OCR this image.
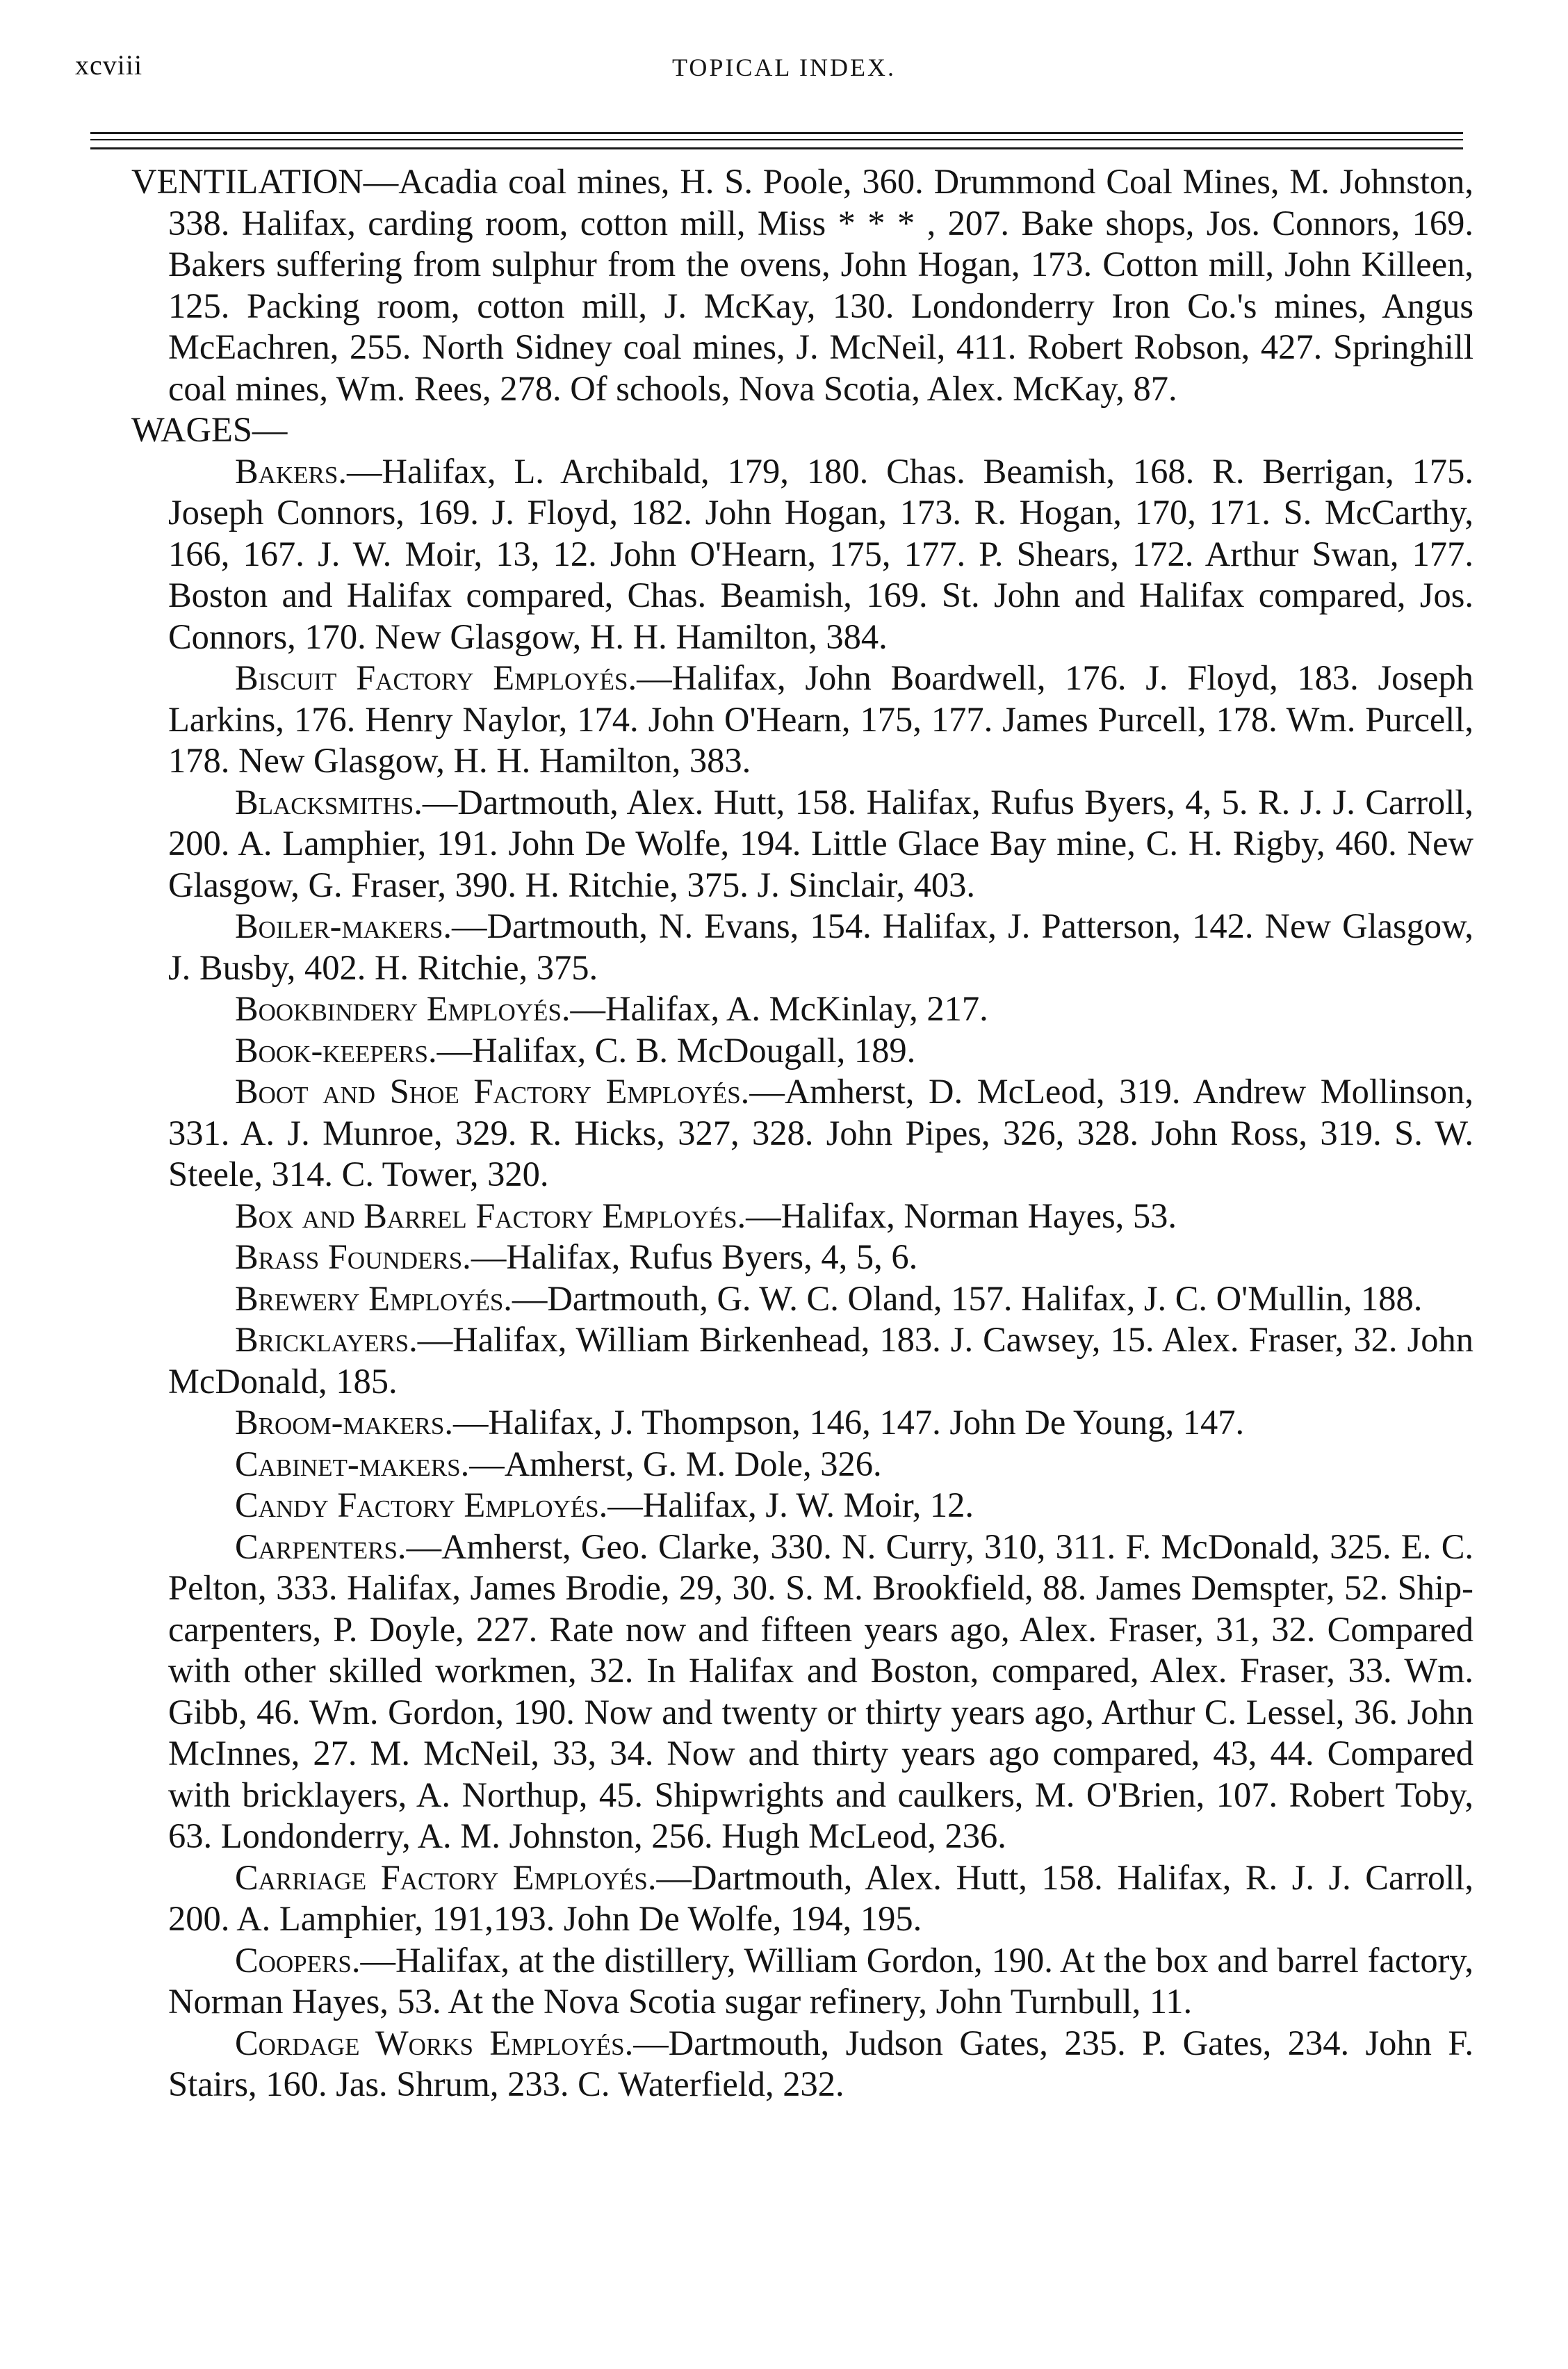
xcviii	TOPICAL INDEX.

VENTILATION—Acadia coal mines, H. S. Poole, 360. Drummond Coal Mines, M. Johnston, 338. Halifax, carding room, cotton mill, Miss * * * , 207. Bake shops, Jos. Connors, 169. Bakers suffering from sulphur from the ovens, John Hogan, 173. Cotton mill, John Killeen, 125. Packing room, cotton mill, J. McKay, 130. Londonderry Iron Co.'s mines, Angus McEachren, 255. North Sidney coal mines, J. McNeil, 411. Robert Robson, 427. Springhill coal mines, Wm. Rees, 278. Of schools, Nova Scotia, Alex. McKay, 87.

WAGES—

Bakers.—Halifax, L. Archibald, 179, 180. Chas. Beamish, 168. R. Berrigan, 175. Joseph Connors, 169. J. Floyd, 182. John Hogan, 173. R. Hogan, 170, 171. S. McCarthy, 166, 167. J. W. Moir, 13, 12. John O'Hearn, 175, 177. P. Shears, 172. Arthur Swan, 177. Boston and Halifax compared, Chas. Beamish, 169. St. John and Halifax compared, Jos. Connors, 170. New Glasgow, H. H. Hamilton, 384.

Biscuit Factory Employés.—Halifax, John Boardwell, 176. J. Floyd, 183. Joseph Larkins, 176. Henry Naylor, 174. John O'Hearn, 175, 177. James Purcell, 178. Wm. Purcell, 178. New Glasgow, H. H. Hamilton, 383.

Blacksmiths.—Dartmouth, Alex. Hutt, 158. Halifax, Rufus Byers, 4, 5. R. J. J. Carroll, 200. A. Lamphier, 191. John De Wolfe, 194. Little Glace Bay mine, C. H. Rigby, 460. New Glasgow, G. Fraser, 390. H. Ritchie, 375. J. Sinclair, 403.

Boiler-makers.—Dartmouth, N. Evans, 154. Halifax, J. Patterson, 142. New Glasgow, J. Busby, 402. H. Ritchie, 375.

Bookbindery Employés.—Halifax, A. McKinlay, 217.

Book-keepers.—Halifax, C. B. McDougall, 189.

Boot and Shoe Factory Employés.—Amherst, D. McLeod, 319. Andrew Mollinson, 331. A. J. Munroe, 329. R. Hicks, 327, 328. John Pipes, 326, 328. John Ross, 319. S. W. Steele, 314. C. Tower, 320.

Box and Barrel Factory Employés.—Halifax, Norman Hayes, 53.

Brass Founders.—Halifax, Rufus Byers, 4, 5, 6.

Brewery Employés.—Dartmouth, G. W. C. Oland, 157. Halifax, J. C. O'Mullin, 188.

Bricklayers.—Halifax, William Birkenhead, 183. J. Cawsey, 15. Alex. Fraser, 32. John McDonald, 185.

Broom-makers.—Halifax, J. Thompson, 146, 147. John De Young, 147.

Cabinet-makers.—Amherst, G. M. Dole, 326.

Candy Factory Employés.—Halifax, J. W. Moir, 12.

Carpenters.—Amherst, Geo. Clarke, 330. N. Curry, 310, 311. F. McDonald, 325. E. C. Pelton, 333. Halifax, James Brodie, 29, 30. S. M. Brookfield, 88. James Demspter, 52. Ship-carpenters, P. Doyle, 227. Rate now and fifteen years ago, Alex. Fraser, 31, 32. Compared with other skilled workmen, 32. In Halifax and Boston, compared, Alex. Fraser, 33. Wm. Gibb, 46. Wm. Gordon, 190. Now and twenty or thirty years ago, Arthur C. Lessel, 36. John McInnes, 27. M. McNeil, 33, 34. Now and thirty years ago compared, 43, 44. Compared with bricklayers, A. Northup, 45. Shipwrights and caulkers, M. O'Brien, 107. Robert Toby, 63. Londonderry, A. M. Johnston, 256. Hugh McLeod, 236.

Carriage Factory Employés.—Dartmouth, Alex. Hutt, 158. Halifax, R. J. J. Carroll, 200. A. Lamphier, 191,193. John De Wolfe, 194, 195.

Coopers.—Halifax, at the distillery, William Gordon, 190. At the box and barrel factory, Norman Hayes, 53. At the Nova Scotia sugar refinery, John Turnbull, 11.

Cordage Works Employés.—Dartmouth, Judson Gates, 235. P. Gates, 234. John F. Stairs, 160. Jas. Shrum, 233. C. Waterfield, 232.
